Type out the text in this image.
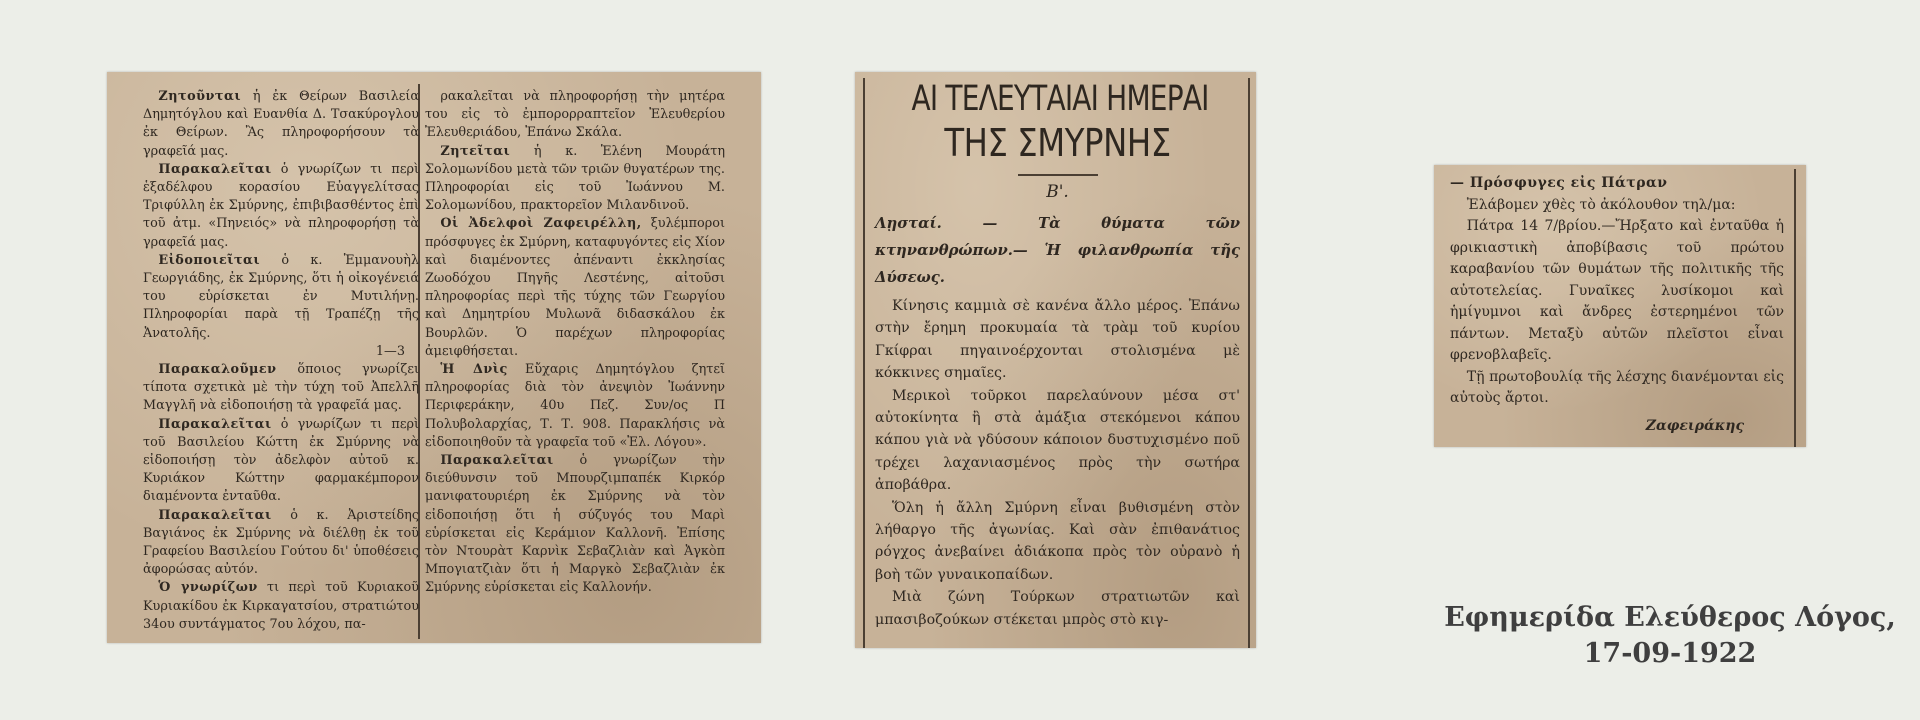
Ζητοῦνται ἡ ἐκ Θείρων Βασιλεία Δημητόγλου καὶ Ευανθία Δ. Τσακύρογλου ἐκ Θείρων. Ἂς πληροφορήσουν τὰ γραφεῖά μας.

Παρακαλεῖται ὁ γνωρίζων τι περὶ ἑξαδέλφου κορασίου Εὐαγγελίτσας Τριφύλλη ἐκ Σμύρνης, ἐπιβιβασθέντος ἐπὶ τοῦ ἀτμ. «Πηνειός» νὰ πληροφορήσῃ τὰ γραφεῖά μας.

Εἰδοποιεῖται ὁ κ. Ἐμμανουὴλ Γεωργιάδης, ἐκ Σμύρνης, ὅτι ἡ οἰκογένειά του εὑρίσκεται ἐν Μυτιλήνῃ. Πληροφορίαι παρὰ τῇ Τραπέζῃ τῆς Ἀνατολῆς.

1—3

Παρακαλοῦμεν ὅποιος γνωρίζει τίποτα σχετικὰ μὲ τὴν τύχη τοῦ Ἀπελλῆ Μαγγλῆ νὰ εἰδοποιήσῃ τὰ γραφεῖά μας.

Παρακαλεῖται ὁ γνωρίζων τι περὶ τοῦ Βασιλείου Κώττη ἐκ Σμύρνης νὰ εἰδοποιήσῃ τὸν ἀδελφὸν αὐτοῦ κ. Κυριάκον Κώττην φαρμακέμπορον διαμένοντα ἐνταῦθα.

Παρακαλεῖται ὁ κ. Ἀριστείδης Βαγιάνος ἐκ Σμύρνης νὰ διέλθῃ ἐκ τοῦ Γραφείου Βασιλείου Γούτου δι' ὑποθέσεις ἀφορώσας αὐτόν.

Ὁ γνωρίζων τι περὶ τοῦ Κυριακοῦ Κυριακίδου ἐκ Κιρκαγατσίου, στρατιώτου 34ου συντάγματος 7ου λόχου, πα-

ρακαλεῖται νὰ πληροφορήσῃ τὴν μητέρα του εἰς τὸ ἐμπορορραπτεῖον Ἐλευθερίου Ἐλευθεριάδου, Ἐπάνω Σκάλα.

Ζητεῖται ἡ κ. Ἑλένη Μουράτη Σολομωνίδου μετὰ τῶν τριῶν θυγατέρων της. Πληροφορίαι εἰς τοῦ Ἰωάννου Μ. Σολομωνίδου, πρακτορεῖον Μιλανδινοῦ.

Οἱ Ἀδελφοὶ Ζαφειρέλλη, ξυλέμποροι πρόσφυγες ἐκ Σμύρνη, καταφυγόντες εἰς Χίον καὶ διαμένοντες ἀπέναντι ἐκκλησίας Ζωοδόχου Πηγῆς Λεστένης, αἰτοῦσι πληροφορίας περὶ τῆς τύχης τῶν Γεωργίου καὶ Δημητρίου Μυλωνᾶ διδασκάλου ἐκ Βουρλῶν. Ὁ παρέχων πληροφορίας ἀμειφθήσεται.

Ἡ Δνὶς Εὔχαρις Δημητόγλου ζητεῖ πληροφορίας διὰ τὸν ἀνεψιὸν Ἰωάννην Περιφεράκην, 40υ Πεζ. Συν/ος Π Πολυβολαρχίας, Τ. Τ. 908. Παρακλήσις νὰ εἰδοποιηθοῦν τὰ γραφεῖα τοῦ «Ἐλ. Λόγου».

Παρακαλεῖται ὁ γνωρίζων τὴν διεύθυνσιν τοῦ Μπουρζιμπαπέκ Κιρκόρ μανιφατουριέρη ἐκ Σμύρνης νὰ τὸν εἰδοποιήσῃ ὅτι ἡ σύζυγός του Μαρὶ εὑρίσκεται εἰς Κεράμιον Καλλονῆ. Ἐπίσης τὸν Ντουρὰτ Καρνὶκ Σεβαζλιὰν καὶ Ἀγκὸπ Μπογιατζιὰν ὅτι ἡ Μαργκὸ Σεβαζλιὰν ἐκ Σμύρνης εὑρίσκεται εἰς Καλλονήν.

ΑΙ ΤΕΛΕΥΤΑΙΑΙ ΗΜΕΡΑΙ
ΤΗΣ ΣΜΥΡΝΗΣ
Β'.
Λῃσταί. — Τὰ θύματα τῶν κτηνανθρώπων.— Ἡ φιλανθρωπία τῆς Δύσεως.

Κίνησις καμμιὰ σὲ κανένα ἄλλο μέρος. Ἐπάνω στὴν ἔρημη προκυμαία τὰ τρὰμ τοῦ κυρίου Γκίφραι πηγαινοέρχονται στολισμένα μὲ κόκκινες σημαῖες.

Μερικοὶ τοῦρκοι παρελαύνουν μέσα στ' αὐτοκίνητα ἢ στὰ ἀμάξια στεκόμενοι κάπου κάπου γιὰ νὰ γδύσουν κάποιον δυστυχισμένο ποῦ τρέχει λαχανιασμένος πρὸς τὴν σωτήρα ἀποβάθρα.

Ὅλη ἡ ἄλλη Σμύρνη εἶναι βυθισμένη στὸν λήθαργο τῆς ἀγωνίας. Καὶ σὰν ἐπιθανάτιος ρόγχος ἀνεβαίνει ἀδιάκοπα πρὸς τὸν οὐρανὸ ἡ βοὴ τῶν γυναικοπαίδων.

Μιὰ ζώνη Τούρκων στρατιωτῶν καὶ μπασιβοζούκων στέκεται μπρὸς στὸ κιγ-

— Πρόσφυγες εἰς Πάτραν

Ἐλάβομεν χθὲς τὸ ἀκόλουθον τηλ/μα:

Πάτρα 14 7/βρίου.—Ἤρξατο καὶ ἐνταῦθα ἡ φρικιαστικὴ ἀποβίβασις τοῦ πρώτου καραβανίου τῶν θυμάτων τῆς πολιτικῆς τῆς αὐτοτελείας. Γυναῖκες λυσίκομοι καὶ ἡμίγυμνοι καὶ ἄνδρες ἐστερημένοι τῶν πάντων. Μεταξὺ αὐτῶν πλεῖστοι εἶναι φρενοβλαβεῖς.

Τῇ πρωτοβουλίᾳ τῆς λέσχης διανέμονται εἰς αὐτοὺς ἄρτοι.

Ζαφειράκης
Εφημερίδα Ελεύθερος Λόγος,
17-09-1922
